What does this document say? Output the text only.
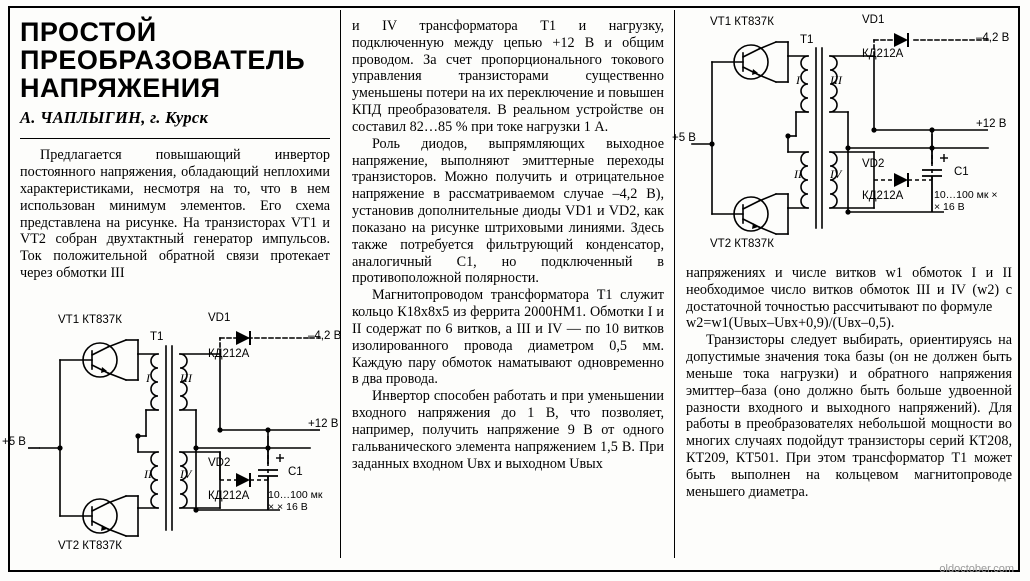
ПРОСТОЙ ПРЕОБРАЗОВАТЕЛЬ НАПРЯЖЕНИЯ
А. ЧАПЛЫГИН, г. Курск

Предлагается повышающий инвертор постоянного напряжения, обладающий неплохими характеристиками, несмотря на то, что в нем использован минимум элементов. Его схема представлена на рисунке. На транзисторах VT1 и VT2 собран двухтактный генератор импульсов. Ток положительной обратной связи протекает через обмотки III

VT1 КТ837К
VT2 КТ837К
Т1
VD1
КД212А
VD2
КД212А
–4,2 В
+5 В
+12 В
С1
10…100 мк × × 16 В
I
II
III
IV

и IV трансформатора Т1 и нагрузку, подключенную между цепью +12 В и общим проводом. За счет пропорционального токового управления транзисторами существенно уменьшены потери на их переключение и повышен КПД преобразователя. В реальном устройстве он составил 82…85 % при токе нагрузки 1 А.

Роль диодов, выпрямляющих выходное напряжение, выполняют эмиттерные переходы транзисторов. Можно получить и отрицательное напряжение в рассматриваемом случае –4,2 В), установив дополнительные диоды VD1 и VD2, как показано на рисунке штриховыми линиями. Здесь также потребуется фильтрующий конденсатор, аналогичный С1, но подключенный в противоположной полярности.

Магнитопроводом трансформатора Т1 служит кольцо К18х8х5 из феррита 2000НМ1. Обмотки I и II содержат по 6 витков, а III и IV — по 10 витков изолированного провода диаметром 0,5 мм. Каждую пару обмоток наматывают одновременно в два провода.

Инвертор способен работать и при уменьшении входного напряжения до 1 В, что позволяет, например, получить напряжение 9 В от одного гальванического элемента напряжением 1,5 В. При заданных входном Uвх и выходном Uвых

VT1 КТ837К
VT2 КТ837К
Т1
VD1
КД212А
VD2
КД212А
–4,2 В
+5 В
+12 В
С1
10…100 мк × × 16 В
I
II
III
IV

напряжениях и числе витков w1 обмоток I и II необходимое число витков обмоток III и IV (w2) с достаточной точностью рассчитывают по формуле

w2=w1(Uвых–Uвх+0,9)/(Uвх–0,5).

Транзисторы следует выбирать, ориентируясь на допустимые значения тока базы (он не должен быть меньше тока нагрузки) и обратного напряжения эмиттер–база (оно должно быть больше удвоенной разности входного и выходного напряжений). Для работы в преобразователях небольшой мощности во многих случаях подойдут транзисторы серий КТ208, КТ209, КТ501. При этом трансформатор Т1 может быть выполнен на кольцевом магнитопроводе меньшего диаметра.

oldoctober.com
